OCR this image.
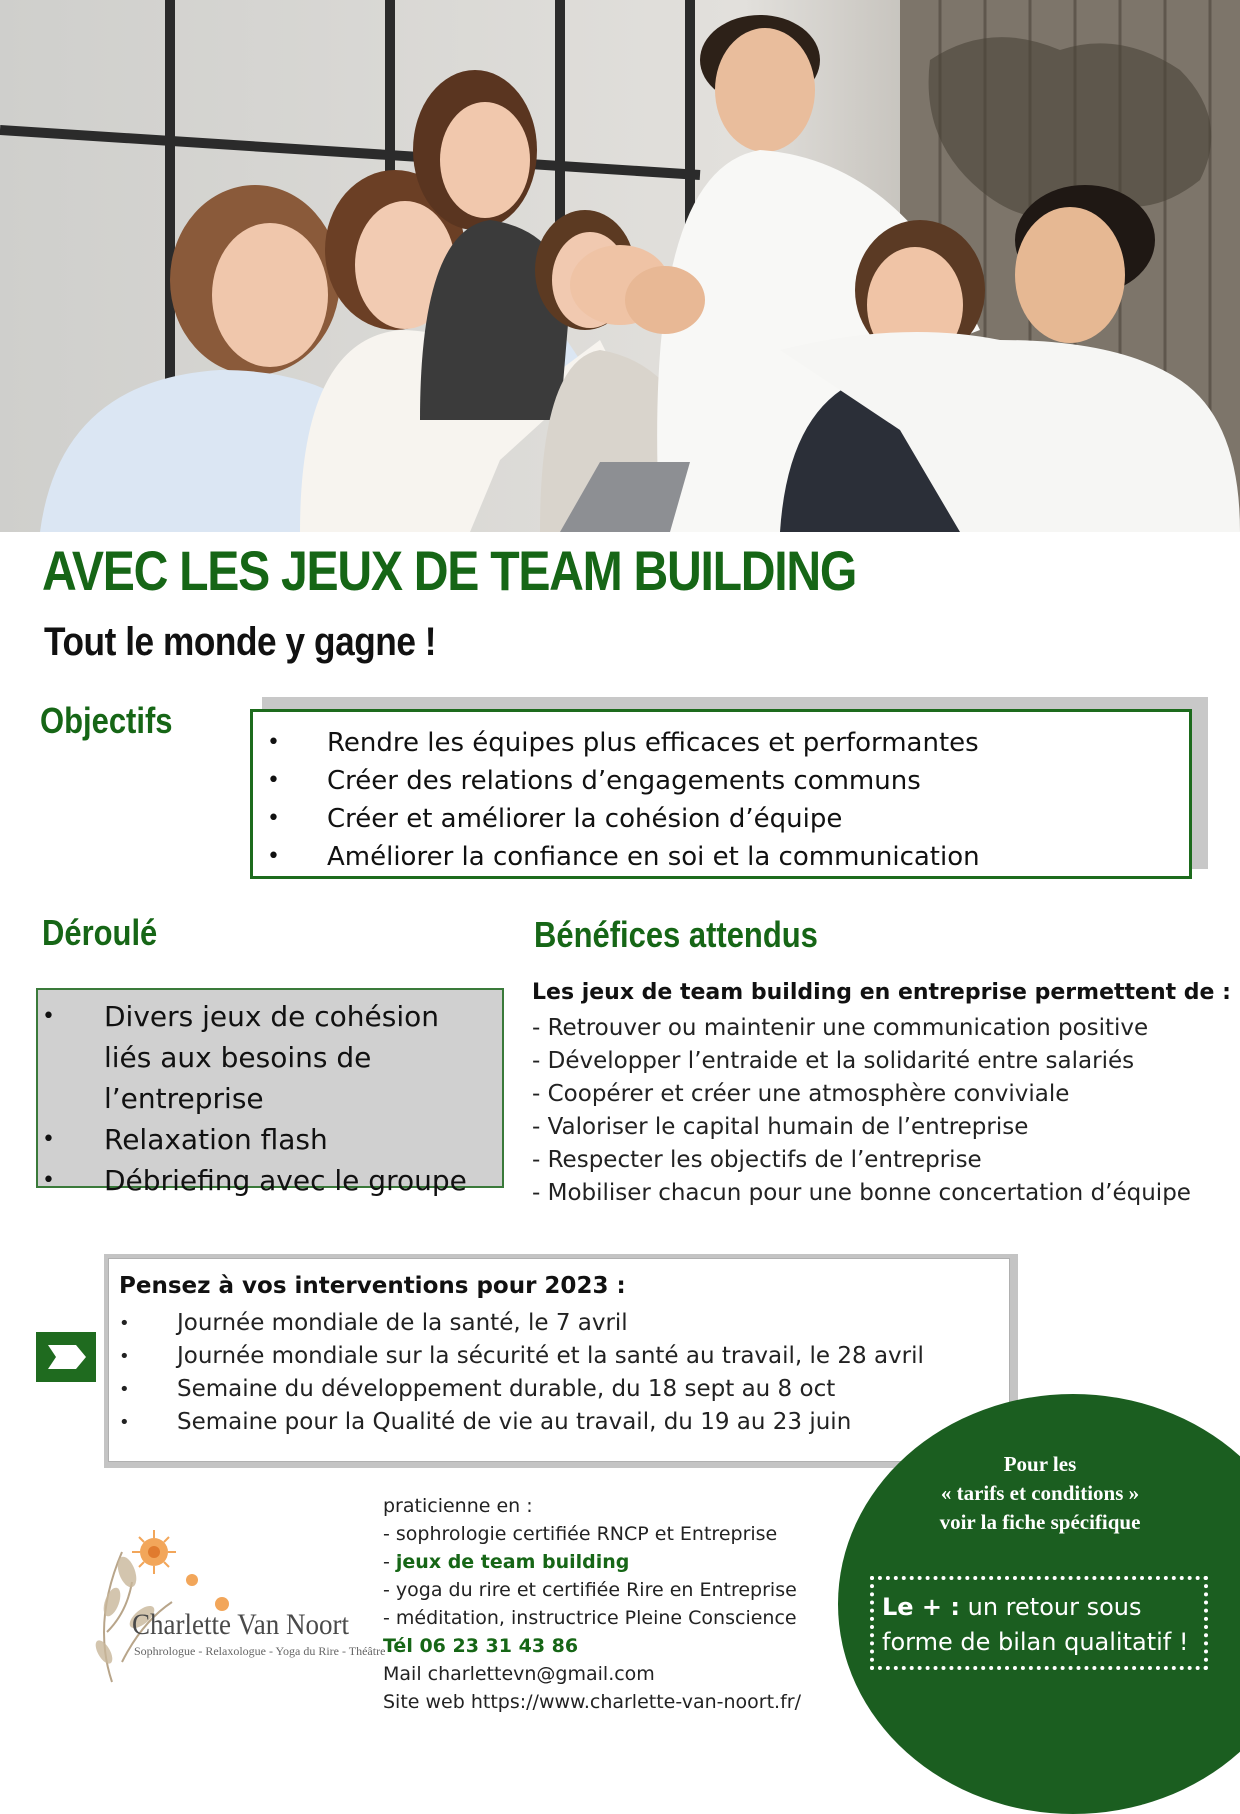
AVEC LES JEUX DE TEAM BUILDING
Tout le monde y gagne !
Objectifs
• Rendre les équipes plus efficaces et performantes
• Créer des relations d’engagements communs
• Créer et améliorer la cohésion d’équipe
• Améliorer la confiance en soi et la communication
Déroulé
• Divers jeux de cohésion liés aux besoins de l’entreprise
• Relaxation flash
• Débriefing avec le groupe
Bénéfices attendus
Les jeux de team building en entreprise permettent de :
- Retrouver ou maintenir une communication positive
- Développer l’entraide et la solidarité entre salariés
- Coopérer et créer une atmosphère conviviale
- Valoriser le capital humain de l’entreprise
- Respecter les objectifs de l’entreprise
- Mobiliser chacun pour une bonne concertation d’équipe
Pensez à vos interventions pour 2023 :
• Journée mondiale de la santé, le 7 avril
• Journée mondiale sur la sécurité et la santé au travail, le 28 avril
• Semaine du développement durable, du 18 sept au 8 oct
• Semaine pour la Qualité de vie au travail, du 19 au 23 juin
Pour les
« tarifs et conditions »
voir la fiche spécifique
Le + : un retour sous
forme de bilan qualitatif !
Charlette Van Noort
Sophrologue - Relaxologue - Yoga du Rire - Théâtre
praticienne en :
- sophrologie certifiée RNCP et Entreprise
- jeux de team building
- yoga du rire et certifiée Rire en Entreprise
- méditation, instructrice Pleine Conscience
Tél 06 23 31 43 86
Mail charlettevn@gmail.com
Site web https://www.charlette-van-noort.fr/
